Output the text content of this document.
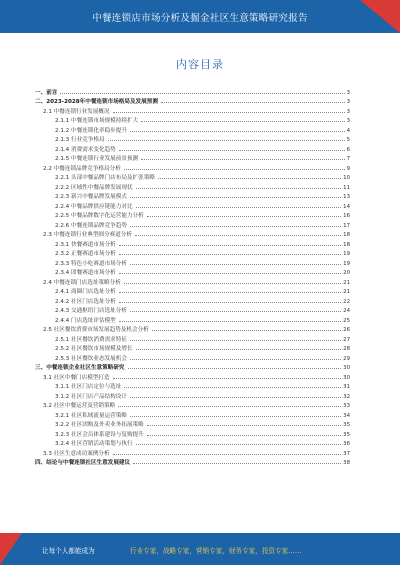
中餐连锁店市场分析及掘金社区生意策略研究报告
内容目录
一、前言	3
二、2023-2028年中餐连锁市场格局及发展预测	3
2.1 中餐连锁行业发展概况	3
2.1.1 中餐连锁市场规模持续扩大	3
2.1.2 中餐连锁化率稳步提升	4
2.1.3 行业竞争格局	5
2.1.4 消费需求变化趋势	6
2.1.5 中餐连锁行业发展前景预测	7
2.2 中餐连锁品牌竞争格局分析	9
2.2.1 头部中餐品牌门店布局及扩张策略	10
2.2.2 区域性中餐品牌发展现状	11
2.2.3 新兴中餐品牌发展模式	13
2.2.4 中餐品牌供应链能力对比	14
2.2.5 中餐品牌数字化运营能力分析	16
2.2.6 中餐连锁品牌竞争趋势	17
2.3 中餐连锁行业典型细分赛道分析	18
2.3.1 快餐赛道市场分析	18
2.3.2 正餐赛道市场分析	19
2.3.3 特色小吃赛道市场分析	19
2.3.4 团餐赛道市场分析	20
2.4 中餐连锁门店选址策略分析	21
2.4.1 商圈门店选址分析	21
2.4.2 社区门店选址分析	22
2.4.3 交通枢纽门店选址分析	24
2.4.4 门店选址评估模型	25
2.5 社区餐饮消费市场发展趋势及机会分析	26
2.5.1 社区餐饮消费需求特征	27
2.5.2 社区餐饮市场规模及增长	28
2.5.3 社区餐饮业态发展机会	29
三、中餐连锁企业社区生意策略研究	30
3.1 社区中餐门店模型打造	30
3.1.1 社区门店定位与选址	31
3.1.2 社区门店产品结构设计	32
3.2 社区中餐运营及营销策略	33
3.2.1 社区私域流量运营策略	34
3.2.2 社区团购及外卖业务拓展策略	35
3.2.3 社区会员体系建设与复购提升	35
3.2.4 社区营销活动策划与执行	36
3.3 社区生意成功案例分析	37
四、结论与中餐连锁社区生意发展建议	38
让每个人都能成为	行业专家，战略专家，营销专家，财务专家，投资专家……
